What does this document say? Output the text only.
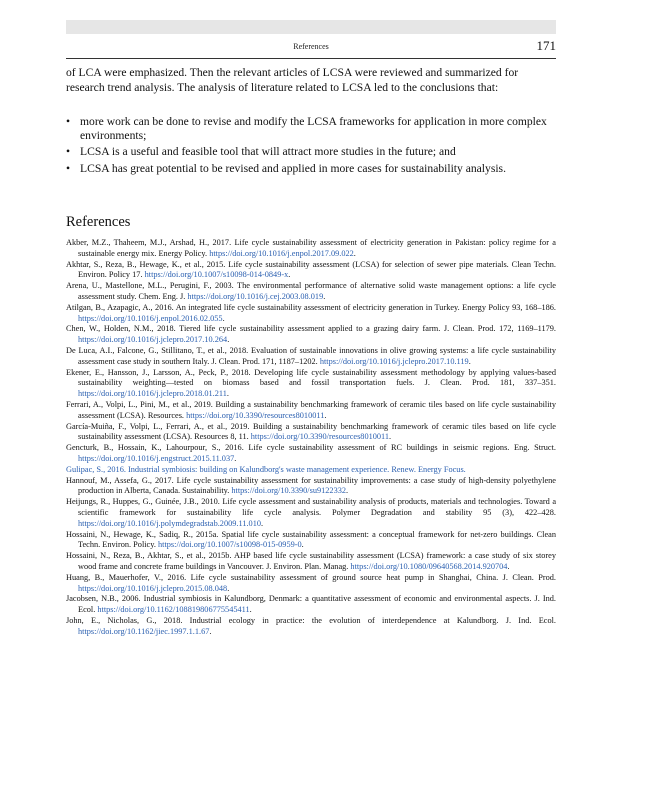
References	171

of LCA were emphasized. Then the relevant articles of LCSA were reviewed and summarized for research trend analysis. The analysis of literature related to LCSA led to the conclusions that:

• more work can be done to revise and modify the LCSA frameworks for application in more complex environments;
• LCSA is a useful and feasible tool that will attract more studies in the future; and
• LCSA has great potential to be revised and applied in more cases for sustainability analysis.
References
Akber, M.Z., Thaheem, M.J., Arshad, H., 2017. Life cycle sustainability assessment of electricity generation in Pakistan: policy regime for a sustainable energy mix. Energy Policy. https://doi.org/10.1016/j.enpol.2017.09.022.
Akhtar, S., Reza, B., Hewage, K., et al., 2015. Life cycle sustainability assessment (LCSA) for selection of sewer pipe materials. Clean Techn. Environ. Policy 17. https://doi.org/10.1007/s10098-014-0849-x.
Arena, U., Mastellone, M.L., Perugini, F., 2003. The environmental performance of alternative solid waste management options: a life cycle assessment study. Chem. Eng. J. https://doi.org/10.1016/j.cej.2003.08.019.
Atilgan, B., Azapagic, A., 2016. An integrated life cycle sustainability assessment of electricity generation in Turkey. Energy Policy 93, 168–186. https://doi.org/10.1016/j.enpol.2016.02.055.
Chen, W., Holden, N.M., 2018. Tiered life cycle sustainability assessment applied to a grazing dairy farm. J. Clean. Prod. 172, 1169–1179. https://doi.org/10.1016/j.jclepro.2017.10.264.
De Luca, A.I., Falcone, G., Stillitano, T., et al., 2018. Evaluation of sustainable innovations in olive growing systems: a life cycle sustainability assessment case study in southern Italy. J. Clean. Prod. 171, 1187–1202. https://doi.org/10.1016/j.jclepro.2017.10.119.
Ekener, E., Hansson, J., Larsson, A., Peck, P., 2018. Developing life cycle sustainability assessment methodology by applying values-based sustainability weighting—tested on biomass based and fossil transportation fuels. J. Clean. Prod. 181, 337–351. https://doi.org/10.1016/j.jclepro.2018.01.211.
Ferrari, A., Volpi, L., Pini, M., et al., 2019. Building a sustainability benchmarking framework of ceramic tiles based on life cycle sustainability assessment (LCSA). Resources. https://doi.org/10.3390/resources8010011.
García-Muiña, F., Volpi, L., Ferrari, A., et al., 2019. Building a sustainability benchmarking framework of ceramic tiles based on life cycle sustainability assessment (LCSA). Resources 8, 11. https://doi.org/10.3390/resources8010011.
Gencturk, B., Hossain, K., Lahourpour, S., 2016. Life cycle sustainability assessment of RC buildings in seismic regions. Eng. Struct. https://doi.org/10.1016/j.engstruct.2015.11.037.
Gulipac, S., 2016. Industrial symbiosis: building on Kalundborg's waste management experience. Renew. Energy Focus.
Hannouf, M., Assefa, G., 2017. Life cycle sustainability assessment for sustainability improvements: a case study of high-density polyethylene production in Alberta, Canada. Sustainability. https://doi.org/10.3390/su9122332.
Heijungs, R., Huppes, G., Guinée, J.B., 2010. Life cycle assessment and sustainability analysis of products, materials and technologies. Toward a scientific framework for sustainability life cycle analysis. Polymer Degradation and stability 95 (3), 422–428. https://doi.org/10.1016/j.polymdegradstab.2009.11.010.
Hossaini, N., Hewage, K., Sadiq, R., 2015a. Spatial life cycle sustainability assessment: a conceptual framework for net-zero buildings. Clean Techn. Environ. Policy. https://doi.org/10.1007/s10098-015-0959-0.
Hossaini, N., Reza, B., Akhtar, S., et al., 2015b. AHP based life cycle sustainability assessment (LCSA) framework: a case study of six storey wood frame and concrete frame buildings in Vancouver. J. Environ. Plan. Manag. https://doi.org/10.1080/09640568.2014.920704.
Huang, B., Mauerhofer, V., 2016. Life cycle sustainability assessment of ground source heat pump in Shanghai, China. J. Clean. Prod. https://doi.org/10.1016/j.jclepro.2015.08.048.
Jacobsen, N.B., 2006. Industrial symbiosis in Kalundborg, Denmark: a quantitative assessment of economic and environmental aspects. J. Ind. Ecol. https://doi.org/10.1162/108819806775545411.
John, E., Nicholas, G., 2018. Industrial ecology in practice: the evolution of interdependence at Kalundborg. J. Ind. Ecol. https://doi.org/10.1162/jiec.1997.1.1.67.
